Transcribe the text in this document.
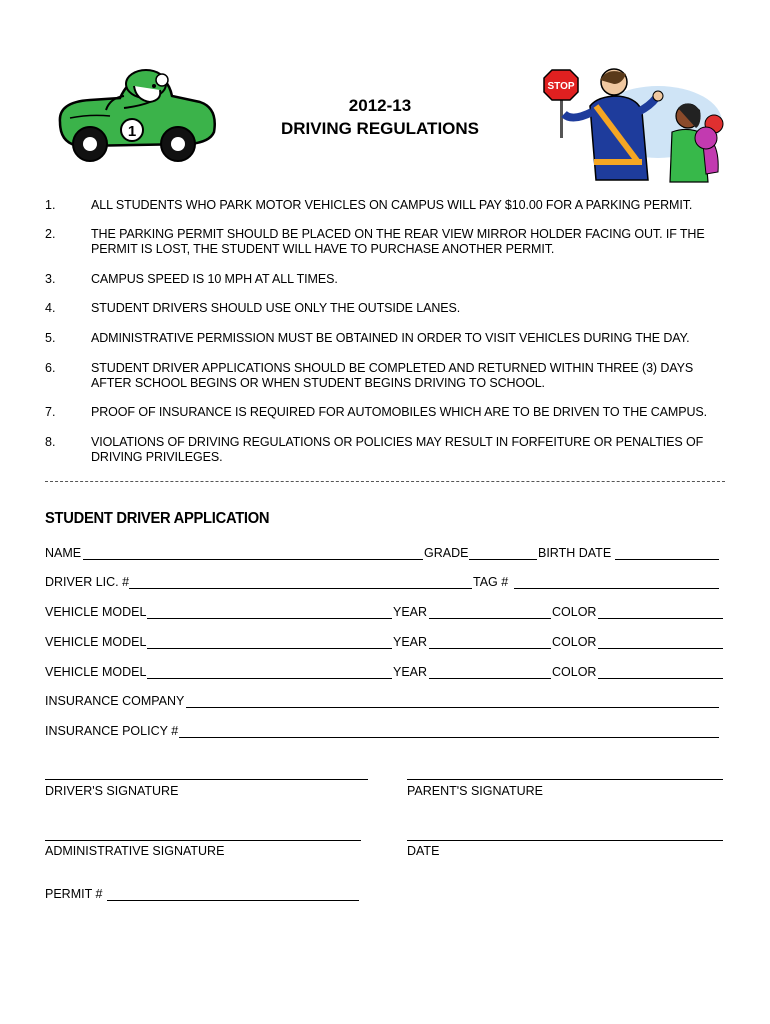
1
STOP
2012-13
DRIVING REGULATIONS
1.	ALL STUDENTS WHO PARK MOTOR VEHICLES ON CAMPUS WILL PAY $10.00 FOR A PARKING PERMIT.
2.	THE PARKING PERMIT SHOULD BE PLACED ON THE REAR VIEW MIRROR HOLDER FACING OUT. IF THE PERMIT IS LOST, THE STUDENT WILL HAVE TO PURCHASE ANOTHER PERMIT.
3.	CAMPUS SPEED IS 10 MPH AT ALL TIMES.
4.	STUDENT DRIVERS SHOULD USE ONLY THE OUTSIDE LANES.
5.	ADMINISTRATIVE PERMISSION MUST BE OBTAINED IN ORDER TO VISIT VEHICLES DURING THE DAY.
6.	STUDENT DRIVER APPLICATIONS SHOULD BE COMPLETED AND RETURNED WITHIN THREE (3) DAYS AFTER SCHOOL BEGINS OR WHEN STUDENT BEGINS DRIVING TO SCHOOL.
7.	PROOF OF INSURANCE IS REQUIRED FOR AUTOMOBILES WHICH ARE TO BE DRIVEN TO THE CAMPUS.
8.	VIOLATIONS OF DRIVING REGULATIONS OR POLICIES MAY RESULT IN FORFEITURE OR PENALTIES OF DRIVING PRIVILEGES.
STUDENT DRIVER APPLICATION
NAME	GRADE	BIRTH DATE
DRIVER LIC. #	TAG #
VEHICLE MODEL	YEAR	COLOR
VEHICLE MODEL	YEAR	COLOR
VEHICLE MODEL	YEAR	COLOR
INSURANCE COMPANY
INSURANCE POLICY #
DRIVER'S SIGNATURE	PARENT'S SIGNATURE
ADMINISTRATIVE SIGNATURE	DATE
PERMIT #
